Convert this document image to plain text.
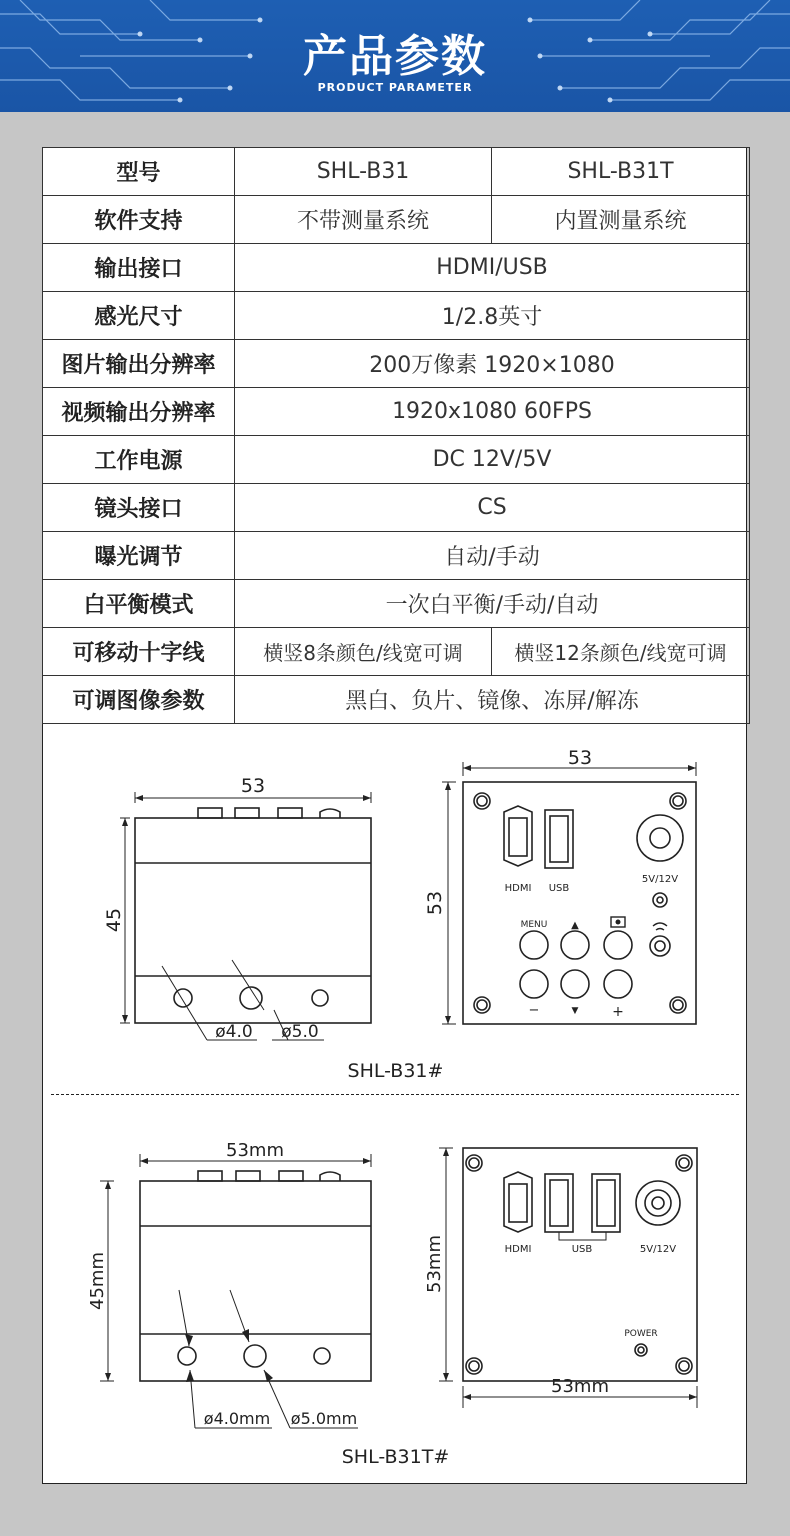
产品参数
PRODUCT PARAMETER
型号	SHL-B31	SHL-B31T
软件支持	不带测量系统	内置测量系统
输出接口	HDMI/USB	
感光尺寸	1/2.8英寸	
图片输出分辨率	200万像素 1920×1080	
视频输出分辨率	1920x1080 60FPS	
工作电源	DC 12V/5V	
镜头接口	CS	
曝光调节	自动/手动	
白平衡模式	一次白平衡/手动/自动	
可移动十字线	横竖8条颜色/线宽可调	横竖12条颜色/线宽可调
可调图像参数	黑白、负片、镜像、冻屏/解冻	
53
45
ø4.0 ø5.0
53
53
HDMI USB
5V/12V
MENU ▲
▼
−	+
SHL-B31#
53mm
45mm
ø4.0mm ø5.0mm
53mm
53mm	HDMI	USB	5V/12V
POWER
SHL-B31T#
